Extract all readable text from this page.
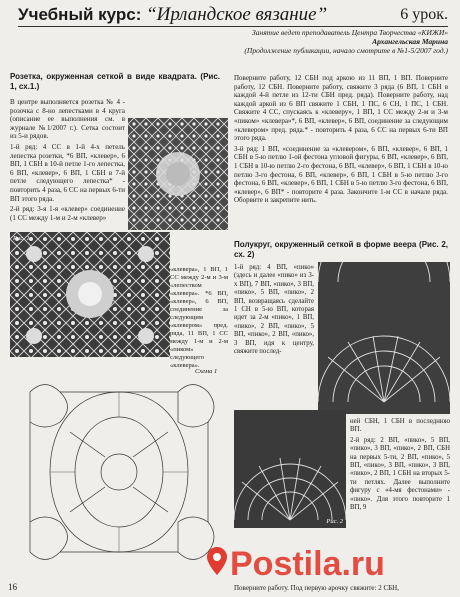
Учебный курс: “Ирландское вязание”	6 урок.
Занятие ведет преподаватель Центра Творчества «КИЖИ»
Архангельская Марина
(Продолжение публикации, начало смотрите в №1-5/2007 год.)
Розетка, окруженная сеткой в виде квадрата. (Рис. 1, сх.1.)

В центре выполняется розетка № 4 - розочка с 8-но лепестками в 4 круга (описание ее выполнения см. в журнале №1/2007 г.). Сетка состоит из 5-и рядов.

1-й ряд: 4 СС в 1-й 4-х петель лепестка розетки, *6 ВП, «клевер», 6 ВП, 1 СБН в 10-й петле 1-го лепестка, 6 ВП, «клевер», 6 ВП, 1 СБН в 7-й петле следующего лепестка* - повторить 4 раза, 6 СС на первых 6-ти ВП этого ряда.

2-й ряд: 3-я 1-я «клевер» соединение (1 СС между 1-м и 2-м «клевер»

Рис. 1
«клевера», 1 ВП, 1 СС между 2-м и 3-м «лепестком «клевера». *6 ВП, «клевер», 6 ВП, соединение за следующим «клевером» пред. ряда, 11 ВП, 1 СС между 1-м и 2-м «пиком» следующего «клевера».
Схема 1

Поверните работу, 12 СБН под аркою из 11 ВП, 1 ВП. Поверните работу, 12 СБН. Поверните работу, свяжите 3 ряда (6 ВП, 1 СБН в каждой 4-й петле из 12-ти СБН пред. ряда). Поверните работу, над каждой аркой из 6 ВП свяжите 1 СБН, 1 ПС, 6 СН, 1 ПС, 1 СБН. Свяжите 4 СС, спускаясь к «клеверу», 1 ВП, 1 СС между 2-м и 3-м «пиком» «клевера»*, 6 ВП, «клевер», 6 ВП, соединение за следующим «клевером» пред. ряда.* - повторить 4 раза, 6 СС на первых 6-ти ВП этого ряда.

3-й ряд: 1 ВП, «соединение за «клевером», 6 ВП, «клевер», 6 ВП, 1 СБН в 5-ю петлю 1-ой фестона угловой фигуры, 6 ВП, «клевер», 6 ВП, 1 СБН в 10-ю петлю 2-го фестона, 6 ВП, «клевер», 6 ВП, 1 СБН в 10-ю петлю 3-го фестона, 6 ВП, «клевер», 6 ВП, 1 СБН в 5-ю петлю 3-го фестона, 6 ВП, «клевер», 6 ВП, 1 СБН в 5-ю петлю 3-го фестона, 6 ВП, «клевер», 6 ВП* - повторите 4 раза. Закончите 1-м СС в начале ряда. Оборвите и закрепите нить.

Полукруг, окруженный сеткой в форме веера (Рис. 2, сх. 2)
1-й ряд: 4 ВП, «пико» (здесь и далее «пико» из 3-х ВП), 7 ВП, «пико», 3 ВП, «пико», 5 ВП, «пико», 2 ВП, возвращаясь сделайте 1 СН в 5-ю ВП, которая идет за 2-м «пико», 1 ВП, «пико», 2 ВП, «пико», 5 ВП, «пико», 2 ВП, «пико», 3 ВП, идя к центру, свяжите послед-
Рис. 2

ней СБН, 1 СБН в последнюю ВП.

2-й ряд: 2 ВП, «пико», 5 ВП, «пико», 3 ВП, «пико», 2 ВП, СБН на первых 5-ти, 2 ВП, «пико», 5 ВП, «пико», 3 ВП, «пико», 3 ВП, «пико», 2 ВП, 1 СБН на вторых 5-ти петлях. Далее выполните фигуру с «4-мя фестонами» - «пико». Для этого повторите 1 ВП, 9

Поверните работу. Под первую арочку свяжите: 2 СБН,
Postila.ru
16
